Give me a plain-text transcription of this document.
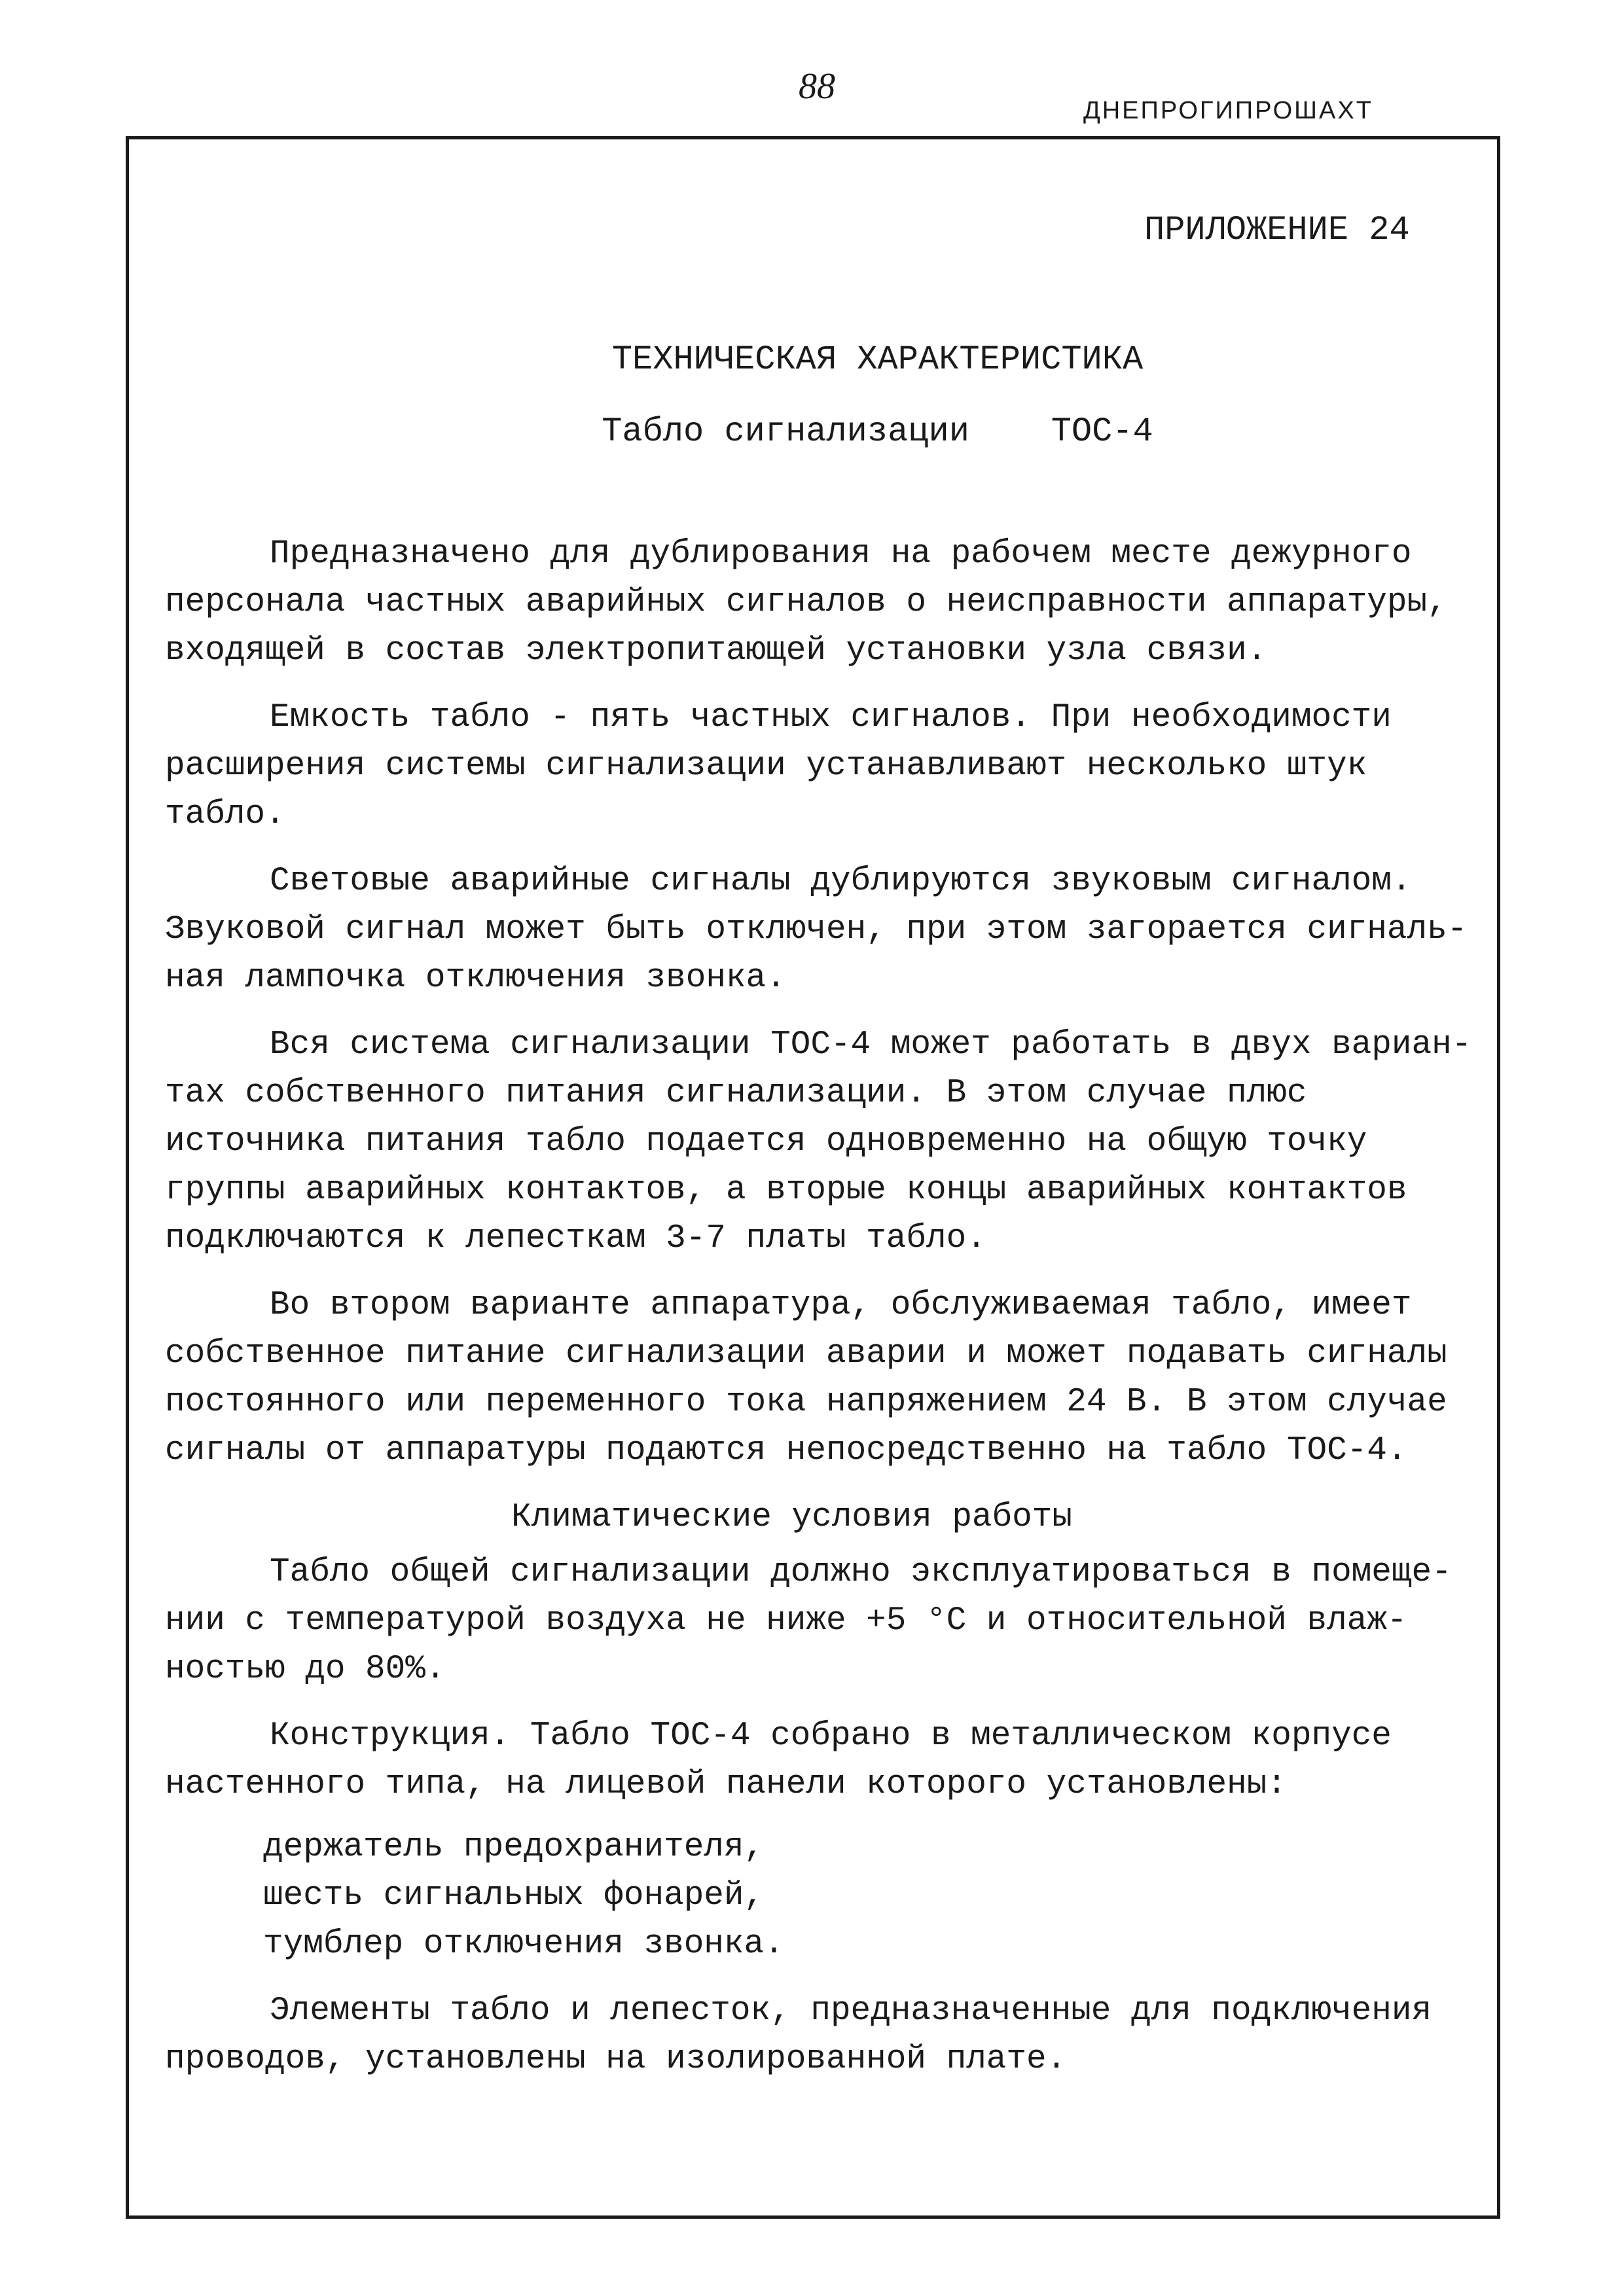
88
ДНЕПРОГИПРОШАХТ
ПРИЛОЖЕНИЕ 24
ТЕХНИЧЕСКАЯ ХАРАКТЕРИСТИКА
Табло сигнализации    ТОС-4
Предназначено для дублирования на рабочем месте дежурного
персонала частных аварийных сигналов о неисправности аппаратуры,
входящей в состав электропитающей установки узла связи.
Емкость табло - пять частных сигналов. При необходимости
расширения системы сигнализации устанавливают несколько штук
табло.
Световые аварийные сигналы дублируются звуковым сигналом.
Звуковой сигнал может быть отключен, при этом загорается сигналь-
ная лампочка отключения звонка.
Вся система сигнализации ТОС-4 может работать в двух вариан-
тах собственного питания сигнализации. В этом случае плюс
источника питания табло подается одновременно на общую точку
группы аварийных контактов, а вторые концы аварийных контактов
подключаются к лепесткам 3-7 платы табло.
Во втором варианте аппаратура, обслуживаемая табло, имеет
собственное питание сигнализации аварии и может подавать сигналы
постоянного или переменного тока напряжением 24 В. В этом случае
сигналы от аппаратуры подаются непосредственно на табло ТОС-4.
Климатические условия работы
Табло общей сигнализации должно эксплуатироваться в помеще-
нии с температурой воздуха не ниже +5 °С и относительной влаж-
ностью до 80%.
Конструкция. Табло ТОС-4 собрано в металлическом корпусе
настенного типа, на лицевой панели которого установлены:
держатель предохранителя,
шесть сигнальных фонарей,
тумблер отключения звонка.
Элементы табло и лепесток, предназначенные для подключения
проводов, установлены на изолированной плате.
